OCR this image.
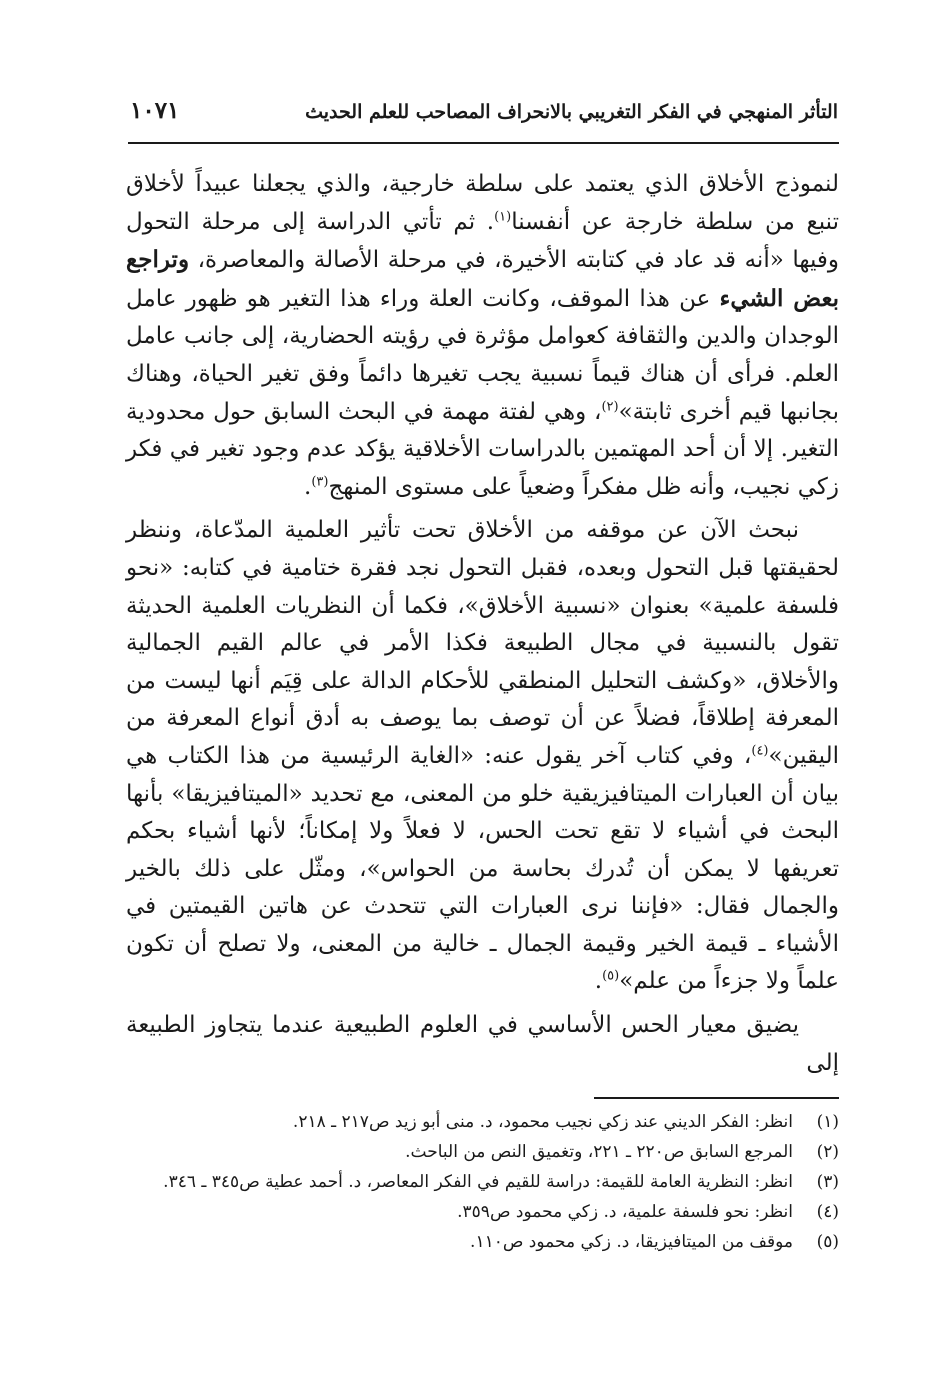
التأثر المنهجي في الفكر التغريبي بالانحراف المصاحب للعلم الحديث
١٠٧١

لنموذج الأخلاق الذي يعتمد على سلطة خارجية، والذي يجعلنا عبيداً لأخلاق تنبع من سلطة خارجة عن أنفسنا$^{(١)}$. ثم تأتي الدراسة إلى مرحلة التحول وفيها «أنه قد عاد في كتابته الأخيرة، في مرحلة الأصالة والمعاصرة، وتراجع بعض الشيء عن هذا الموقف، وكانت العلة وراء هذا التغير هو ظهور عامل الوجدان والدين والثقافة كعوامل مؤثرة في رؤيته الحضارية، إلى جانب عامل العلم. فرأى أن هناك قيماً نسبية يجب تغيرها دائماً وفق تغير الحياة، وهناك بجانبها قيم أخرى ثابتة»$^{(٢)}$، وهي لفتة مهمة في البحث السابق حول محدودية التغير. إلا أن أحد المهتمين بالدراسات الأخلاقية يؤكد عدم وجود تغير في فكر زكي نجيب، وأنه ظل مفكراً وضعياً على مستوى المنهج$^{(٣)}$.

نبحث الآن عن موقفه من الأخلاق تحت تأثير العلمية المدّعاة، وننظر لحقيقتها قبل التحول وبعده، فقبل التحول نجد فقرة ختامية في كتابه: «نحو فلسفة علمية» بعنوان «نسبية الأخلاق»، فكما أن النظريات العلمية الحديثة تقول بالنسبية في مجال الطبيعة فكذا الأمر في عالم القيم الجمالية والأخلاق، «وكشف التحليل المنطقي للأحكام الدالة على قِيَم أنها ليست من المعرفة إطلاقاً، فضلاً عن أن توصف بما يوصف به أدق أنواع المعرفة من اليقين»$^{(٤)}$، وفي كتاب آخر يقول عنه: «الغاية الرئيسية من هذا الكتاب هي بيان أن العبارات الميتافيزيقية خلو من المعنى، مع تحديد «الميتافيزيقا» بأنها البحث في أشياء لا تقع تحت الحس، لا فعلاً ولا إمكاناً؛ لأنها أشياء بحكم تعريفها لا يمكن أن تُدرك بحاسة من الحواس»، ومثّل على ذلك بالخير والجمال فقال: «فإننا نرى العبارات التي تتحدث عن هاتين القيمتين في الأشياء ـ قيمة الخير وقيمة الجمال ـ خالية من المعنى، ولا تصلح أن تكون علماً ولا جزءاً من علم»$^{(٥)}$.

يضيق معيار الحس الأساسي في العلوم الطبيعية عندما يتجاوز الطبيعة إلى

(١)
انظر: الفكر الديني عند زكي نجيب محمود، د. منى أبو زيد ص٢١٧ ـ ٢١٨.
(٢)
المرجع السابق ص٢٢٠ ـ ٢٢١، وتغميق النص من الباحث.
(٣)
انظر: النظرية العامة للقيمة: دراسة للقيم في الفكر المعاصر، د. أحمد عطية ص٣٤٥ ـ ٣٤٦.
(٤)
انظر: نحو فلسفة علمية، د. زكي محمود ص٣٥٩.
(٥)
موقف من الميتافيزيقا، د. زكي محمود ص١١٠.
